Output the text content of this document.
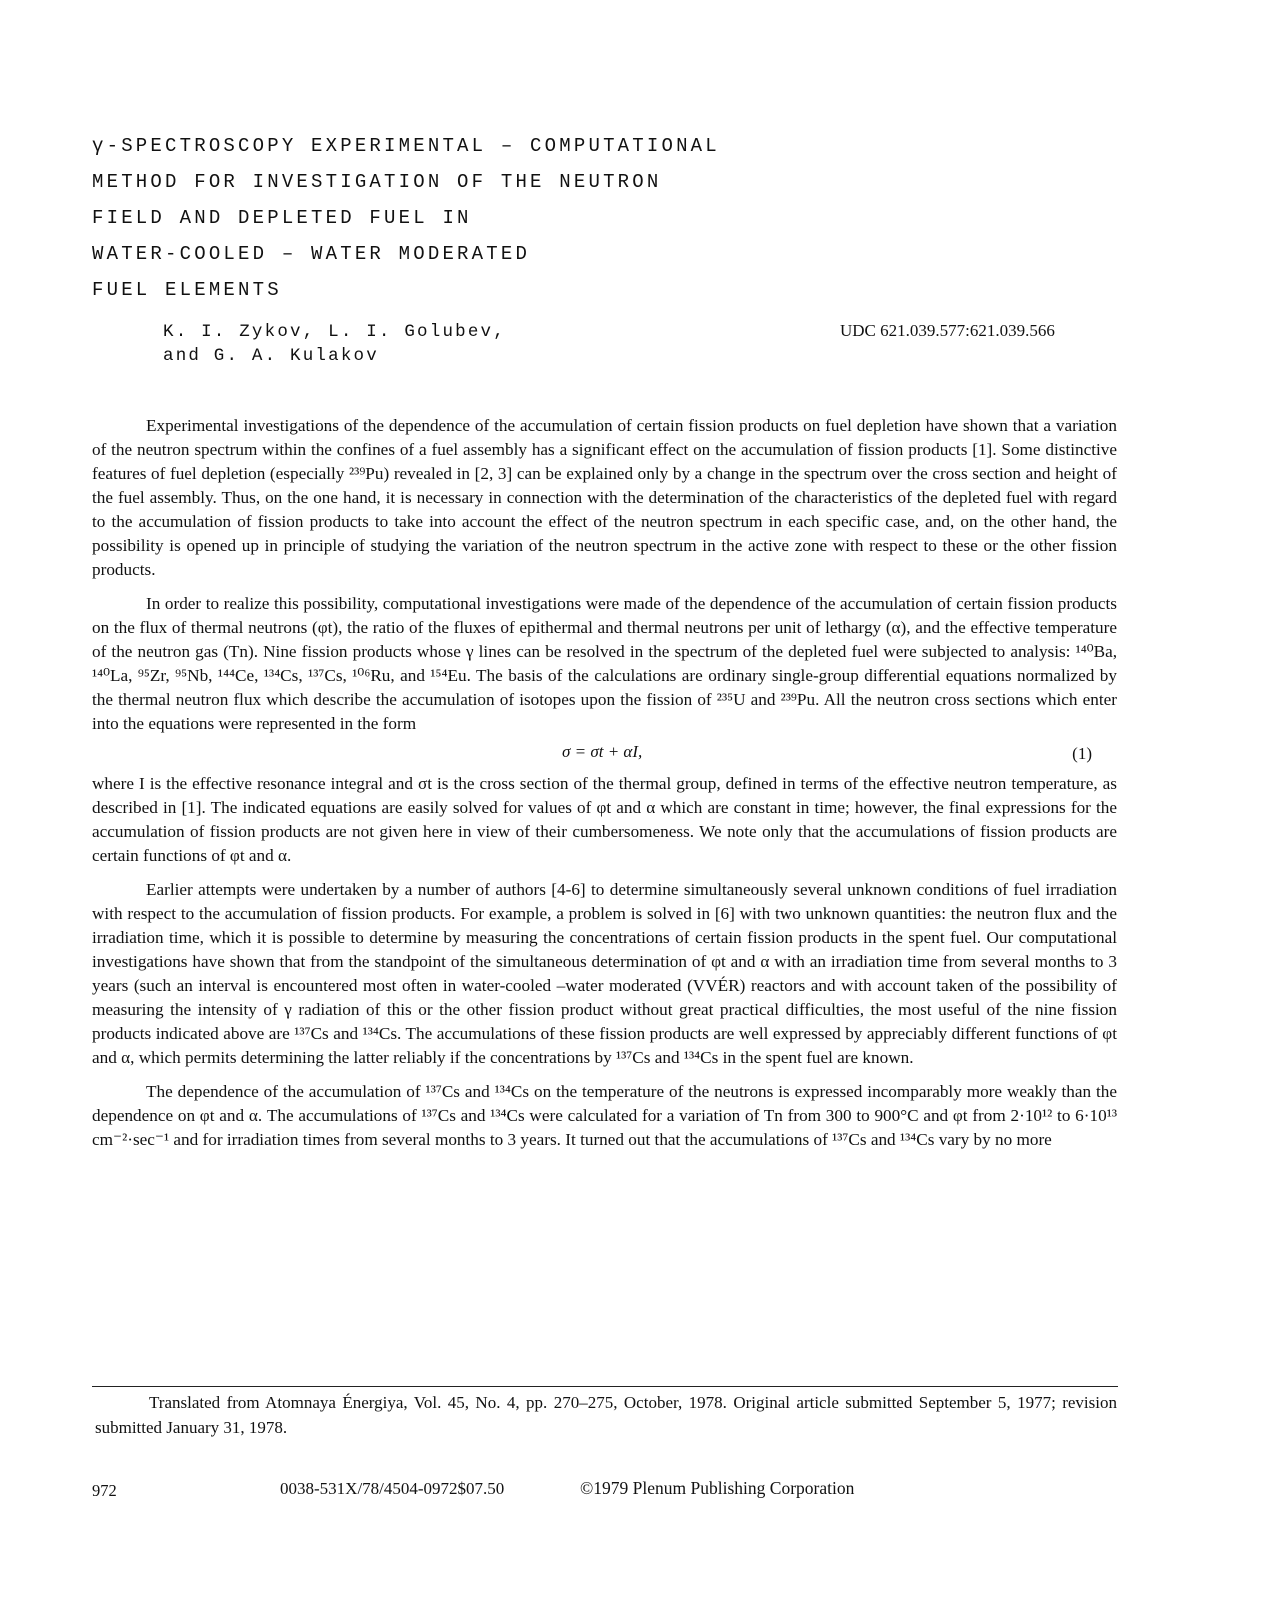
γ-SPECTROSCOPY EXPERIMENTAL – COMPUTATIONAL
METHOD FOR INVESTIGATION OF THE NEUTRON
FIELD AND DEPLETED FUEL IN
WATER-COOLED – WATER MODERATED
FUEL ELEMENTS
K. I. Zykov, L. I. Golubev,
and G. A. Kulakov
UDC 621.039.577:621.039.566

Experimental investigations of the dependence of the accumulation of certain fission products on fuel depletion have shown that a variation of the neutron spectrum within the confines of a fuel assembly has a significant effect on the accumulation of fission products [1]. Some distinctive features of fuel depletion (especially ²³⁹Pu) revealed in [2, 3] can be explained only by a change in the spectrum over the cross section and height of the fuel assembly. Thus, on the one hand, it is necessary in connection with the determination of the characteristics of the depleted fuel with regard to the accumulation of fission products to take into account the effect of the neutron spectrum in each specific case, and, on the other hand, the possibility is opened up in principle of studying the variation of the neutron spectrum in the active zone with respect to these or the other fission products.

In order to realize this possibility, computational investigations were made of the dependence of the accumulation of certain fission products on the flux of thermal neutrons (φt), the ratio of the fluxes of epithermal and thermal neutrons per unit of lethargy (α), and the effective temperature of the neutron gas (Tn). Nine fission products whose γ lines can be resolved in the spectrum of the depleted fuel were subjected to analysis: ¹⁴⁰Ba, ¹⁴⁰La, ⁹⁵Zr, ⁹⁵Nb, ¹⁴⁴Ce, ¹³⁴Cs, ¹³⁷Cs, ¹⁰⁶Ru, and ¹⁵⁴Eu. The basis of the calculations are ordinary single-group differential equations normalized by the thermal neutron flux which describe the accumulation of isotopes upon the fission of ²³⁵U and ²³⁹Pu. All the neutron cross sections which enter into the equations were represented in the form

σ = σt + αI,	(1)

where I is the effective resonance integral and σt is the cross section of the thermal group, defined in terms of the effective neutron temperature, as described in [1]. The indicated equations are easily solved for values of φt and α which are constant in time; however, the final expressions for the accumulation of fission products are not given here in view of their cumbersomeness. We note only that the accumulations of fission products are certain functions of φt and α.

Earlier attempts were undertaken by a number of authors [4-6] to determine simultaneously several unknown conditions of fuel irradiation with respect to the accumulation of fission products. For example, a problem is solved in [6] with two unknown quantities: the neutron flux and the irradiation time, which it is possible to determine by measuring the concentrations of certain fission products in the spent fuel. Our computational investigations have shown that from the standpoint of the simultaneous determination of φt and α with an irradiation time from several months to 3 years (such an interval is encountered most often in water-cooled –water moderated (VVÉR) reactors and with account taken of the possibility of measuring the intensity of γ radiation of this or the other fission product without great practical difficulties, the most useful of the nine fission products indicated above are ¹³⁷Cs and ¹³⁴Cs. The accumulations of these fission products are well expressed by appreciably different functions of φt and α, which permits determining the latter reliably if the concentrations by ¹³⁷Cs and ¹³⁴Cs in the spent fuel are known.

The dependence of the accumulation of ¹³⁷Cs and ¹³⁴Cs on the temperature of the neutrons is expressed incomparably more weakly than the dependence on φt and α. The accumulations of ¹³⁷Cs and ¹³⁴Cs were calculated for a variation of Tn from 300 to 900°C and φt from 2·10¹² to 6·10¹³ cm⁻²·sec⁻¹ and for irradiation times from several months to 3 years. It turned out that the accumulations of ¹³⁷Cs and ¹³⁴Cs vary by no more

Translated from Atomnaya Énergiya, Vol. 45, No. 4, pp. 270–275, October, 1978. Original article submitted September 5, 1977; revision submitted January 31, 1978.

972	0038-531X/78/4504-0972$07.50	©1979 Plenum Publishing Corporation
